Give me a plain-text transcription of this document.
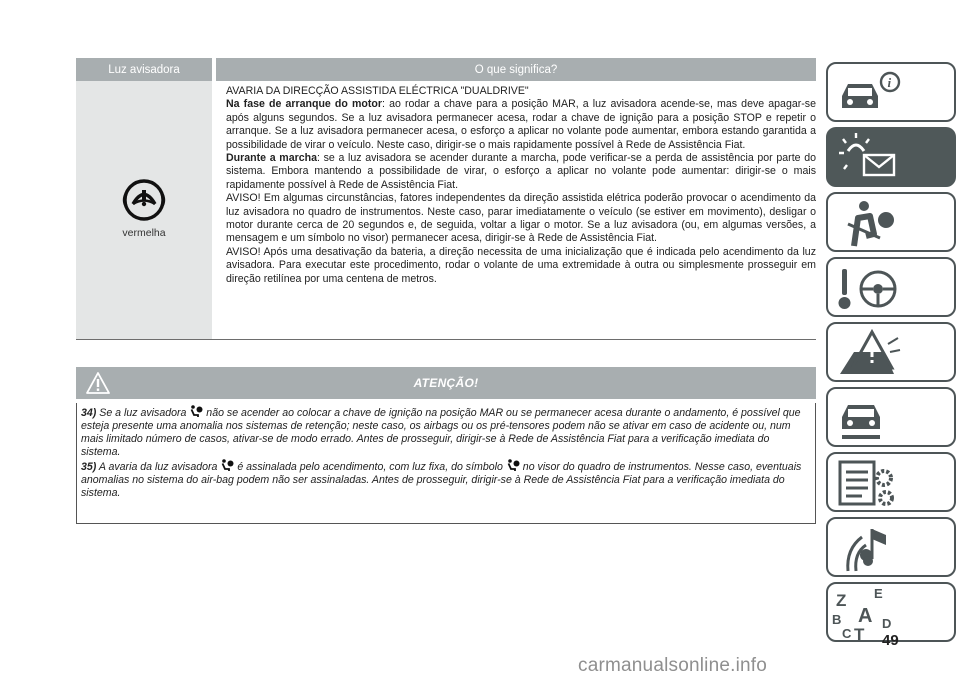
Luz avisadora	O que significa?
vermelha

AVARIA DA DIRECÇÃO ASSISTIDA ELÉCTRICA "DUALDRIVE"

Na fase de arranque do motor: ao rodar a chave para a posição MAR, a luz avisadora acende-se, mas deve apagar-se após alguns segundos. Se a luz avisadora permanecer acesa, rodar a chave de ignição para a posição STOP e repetir o arranque. Se a luz avisadora permanecer acesa, o esforço a aplicar no volante pode aumentar, embora estando garantida a possibilidade de virar o veículo. Neste caso, dirigir-se o mais rapidamente possível à Rede de Assistência Fiat.

Durante a marcha: se a luz avisadora se acender durante a marcha, pode verificar-se a perda de assistência por parte do sistema. Embora mantendo a possibilidade de virar, o esforço a aplicar no volante pode aumentar: dirigir-se o mais rapidamente possível à Rede de Assistência Fiat.

AVISO! Em algumas circunstâncias, fatores independentes da direção assistida elétrica poderão provocar o acendimento da luz avisadora no quadro de instrumentos. Neste caso, parar imediatamente o veículo (se estiver em movimento), desligar o motor durante cerca de 20 segundos e, de seguida, voltar a ligar o motor. Se a luz avisadora (ou, em algumas versões, a mensagem e um símbolo no visor) permanecer acesa, dirigir-se à Rede de Assistência Fiat.

AVISO! Após uma desativação da bateria, a direção necessita de uma inicialização que é indicada pelo acendimento da luz avisadora. Para executar este procedimento, rodar o volante de uma extremidade à outra ou simplesmente prosseguir em direção retilínea por uma centena de metros.

ATENÇÃO!

34) Se a luz avisadora  não se acender ao colocar a chave de ignição na posição MAR ou se permanecer acesa durante o andamento, é possível que esteja presente uma anomalia nos sistemas de retenção; neste caso, os airbags ou os pré-tensores podem não se ativar em caso de acidente ou, num mais limitado número de casos, ativar-se de modo errado. Antes de prosseguir, dirigir-se à Rede de Assistência Fiat para a verificação imediata do sistema.

35) A avaria da luz avisadora  é assinalada pelo acendimento, com luz fixa, do símbolo  no visor do quadro de instrumentos. Nesse caso, eventuais anomalias no sistema do air-bag podem não ser assinaladas. Antes de prosseguir, dirigir-se à Rede de Assistência Fiat para a verificação imediata do sistema.

i
Z E
B A
C T
D
49
carmanualsonline.info
